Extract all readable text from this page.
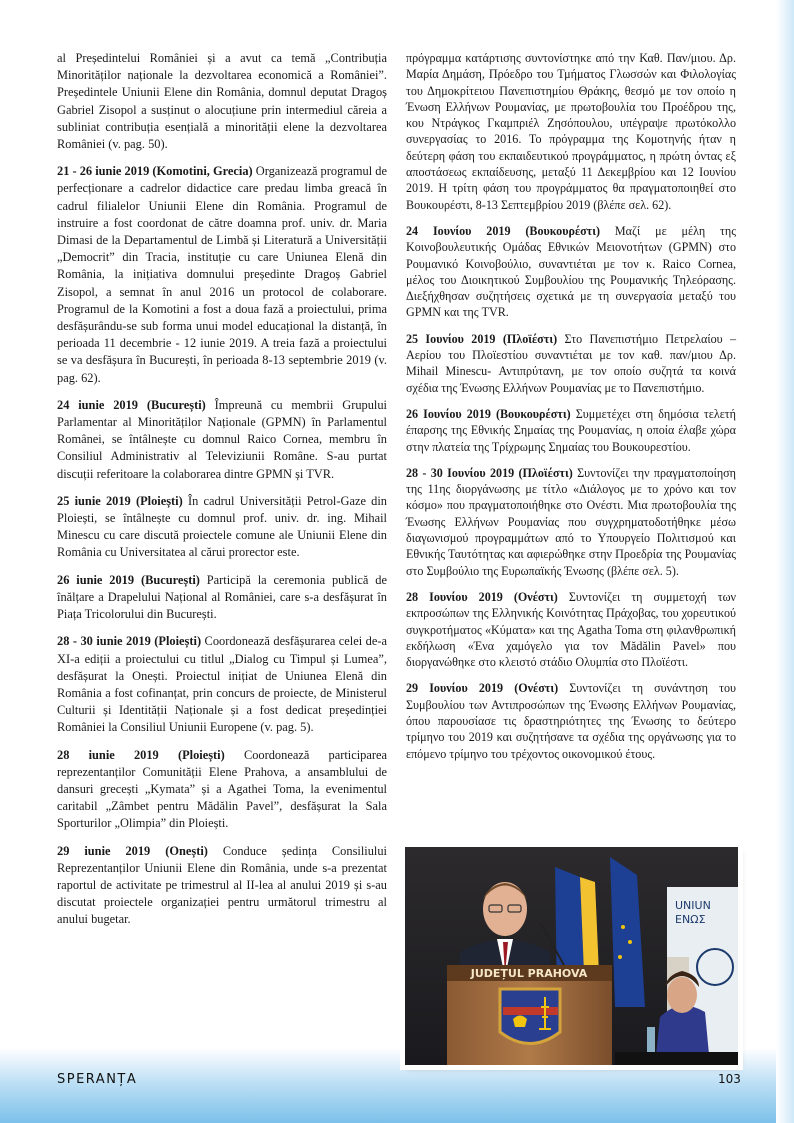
al Președintelui României și a avut ca temă „Contribuția Minorităților naționale la dezvoltarea economică a României”. Președintele Uniunii Elene din România, domnul deputat Dragoș Gabriel Zisopol a susținut o alocuțiune prin intermediul căreia a subliniat contribuția esențială a minorității elene la dezvoltarea României (v. pag. 50).

21 - 26 iunie 2019 (Komotini, Grecia) Organizează programul de perfecționare a cadrelor didactice care predau limba greacă în cadrul filialelor Uniunii Elene din România. Programul de instruire a fost coordonat de către doamna prof. univ. dr. Maria Dimasi de la Departamentul de Limbă și Literatură a Universității „Democrit” din Tracia, instituție cu care Uniunea Elenă din România, la inițiativa domnului președinte Dragoș Gabriel Zisopol, a semnat în anul 2016 un protocol de colaborare. Programul de la Komotini a fost a doua fază a proiectului, prima desfășurându-se sub forma unui model educațional la distanță, în perioada 11 decembrie - 12 iunie 2019. A treia fază a proiectului se va desfășura în București, în perioada 8-13 septembrie 2019 (v. pag. 62).

24 iunie 2019 (București) Împreună cu membrii Grupului Parlamentar al Minorităților Naționale (GPMN) în Parlamentul Românei, se întâlnește cu domnul Raico Cornea, membru în Consiliul Administrativ al Televiziunii Române. S-au purtat discuții referitoare la colaborarea dintre GPMN și TVR.

25 iunie 2019 (Ploiești) În cadrul Universității Petrol-Gaze din Ploiești, se întâlnește cu domnul prof. univ. dr. ing. Mihail Minescu cu care discută proiectele comune ale Uniunii Elene din România cu Universitatea al cărui prorector este.

26 iunie 2019 (București) Participă la ceremonia publică de înălțare a Drapelului Național al României, care s-a desfășurat în Piața Tricolorului din București.

28 - 30 iunie 2019 (Ploiești) Coordonează desfășurarea celei de-a XI-a ediții a proiectului cu titlul „Dialog cu Timpul și Lumea”, desfășurat la Onești. Proiectul inițiat de Uniunea Elenă din România a fost cofinanțat, prin concurs de proiecte, de Ministerul Culturii și Identității Naționale și a fost dedicat președinției României la Consiliul Uniunii Europene (v. pag. 5).

28 iunie 2019 (Ploiești) Coordonează participarea reprezentanților Comunității Elene Prahova, a ansamblului de dansuri grecești „Kymata” și a Agathei Toma, la evenimentul caritabil „Zâmbet pentru Mădălin Pavel”, desfășurat la Sala Sporturilor „Olimpia” din Ploiești.

29 iunie 2019 (Onești) Conduce ședința Consiliului Reprezentanților Uniunii Elene din România, unde s-a prezentat raportul de activitate pe trimestrul al II-lea al anului 2019 și s-au discutat proiectele organizației pentru următorul trimestru al anului bugetar.

πρόγραμμα κατάρτισης συντονίστηκε από την Καθ. Παν/μιου. Δρ. Μαρία Δημάση, Πρόεδρο του Τμήματος Γλωσσών και Φιλολογίας του Δημοκρίτειου Πανεπιστημίου Θράκης, θεσμό με τον οποίο η Ένωση Ελλήνων Ρουμανίας, με πρωτοβουλία του Προέδρου της, κου Ντράγκος Γκαμπριέλ Ζησόπουλου, υπέγραψε πρωτόκολλο συνεργασίας το 2016. Το πρόγραμμα της Κομοτηνής ήταν η δεύτερη φάση του εκπαιδευτικού προγράμματος, η πρώτη όντας εξ αποστάσεως εκπαίδευσης, μεταξύ 11 Δεκεμβρίου και 12 Ιουνίου 2019. Η τρίτη φάση του προγράμματος θα πραγματοποιηθεί στο Βουκουρέστι, 8-13 Σεπτεμβρίου 2019 (βλέπε σελ. 62).

24 Ιουνίου 2019 (Βουκουρέστι) Μαζί με μέλη της Κοινοβουλευτικής Ομάδας Εθνικών Μειονοτήτων (GPMN) στο Ρουμανικό Κοινοβούλιο, συναντιέται με τον κ. Raico Cornea, μέλος του Διοικητικού Συμβουλίου της Ρουμανικής Τηλεόρασης. Διεξήχθησαν συζητήσεις σχετικά με τη συνεργασία μεταξύ του GPMN και της TVR.

25 Ιουνίου 2019 (Πλοϊέστι) Στο Πανεπιστήμιο Πετρελαίου – Αερίου του Πλοϊεστίου συναντιέται με τον καθ. παν/μιου Δρ. Mihail Minescu- Αντιπρύτανη, με τον οποίο συζητά τα κοινά σχέδια της Ένωσης Ελλήνων Ρουμανίας με το Πανεπιστήμιο.

26 Ιουνίου 2019 (Βουκουρέστι) Συμμετέχει στη δημόσια τελετή έπαρσης της Εθνικής Σημαίας της Ρουμανίας, η οποία έλαβε χώρα στην πλατεία της Τρίχρωμης Σημαίας του Βουκουρεστίου.

28 - 30 Ιουνίου 2019 (Πλοϊέστι) Συντονίζει την πραγματοποίηση της 11ης διοργάνωσης με τίτλο «Διάλογος με το χρόνο και τον κόσμο» που πραγματοποιήθηκε στο Ονέστι. Μια πρωτοβουλία της Ένωσης Ελλήνων Ρουμανίας που συγχρηματοδοτήθηκε μέσω διαγωνισμού προγραμμάτων από το Υπουργείο Πολιτισμού και Εθνικής Ταυτότητας και αφιερώθηκε στην Προεδρία της Ρουμανίας στο Συμβούλιο της Ευρωπαϊκής Ένωσης (βλέπε σελ. 5).

28 Ιουνίου 2019 (Ονέστι) Συντονίζει τη συμμετοχή των εκπροσώπων της Ελληνικής Κοινότητας Πράχοβας, του χορευτικού συγκροτήματος «Κύματα» και της Agatha Toma στη φιλανθρωπική εκδήλωση «Ένα χαμόγελο για τον Mădălin Pavel» που διοργανώθηκε στο κλειστό στάδιο Ολυμπία στο Πλοϊέστι.

29 Ιουνίου 2019 (Ονέστι) Συντονίζει τη συνάντηση του Συμβουλίου των Αντιπροσώπων της Ένωσης Ελλήνων Ρουμανίας, όπου παρουσίασε τις δραστηριότητες της Ένωσης το δεύτερο τρίμηνο του 2019 και συζητήσανε τα σχέδια της οργάνωσης για το επόμενο τρίμηνο του τρέχοντος οικονομικού έτους.

UNIUN
ΕΝΩΣ
JUDEȚUL PRAHOVA
SPERANȚA	103
